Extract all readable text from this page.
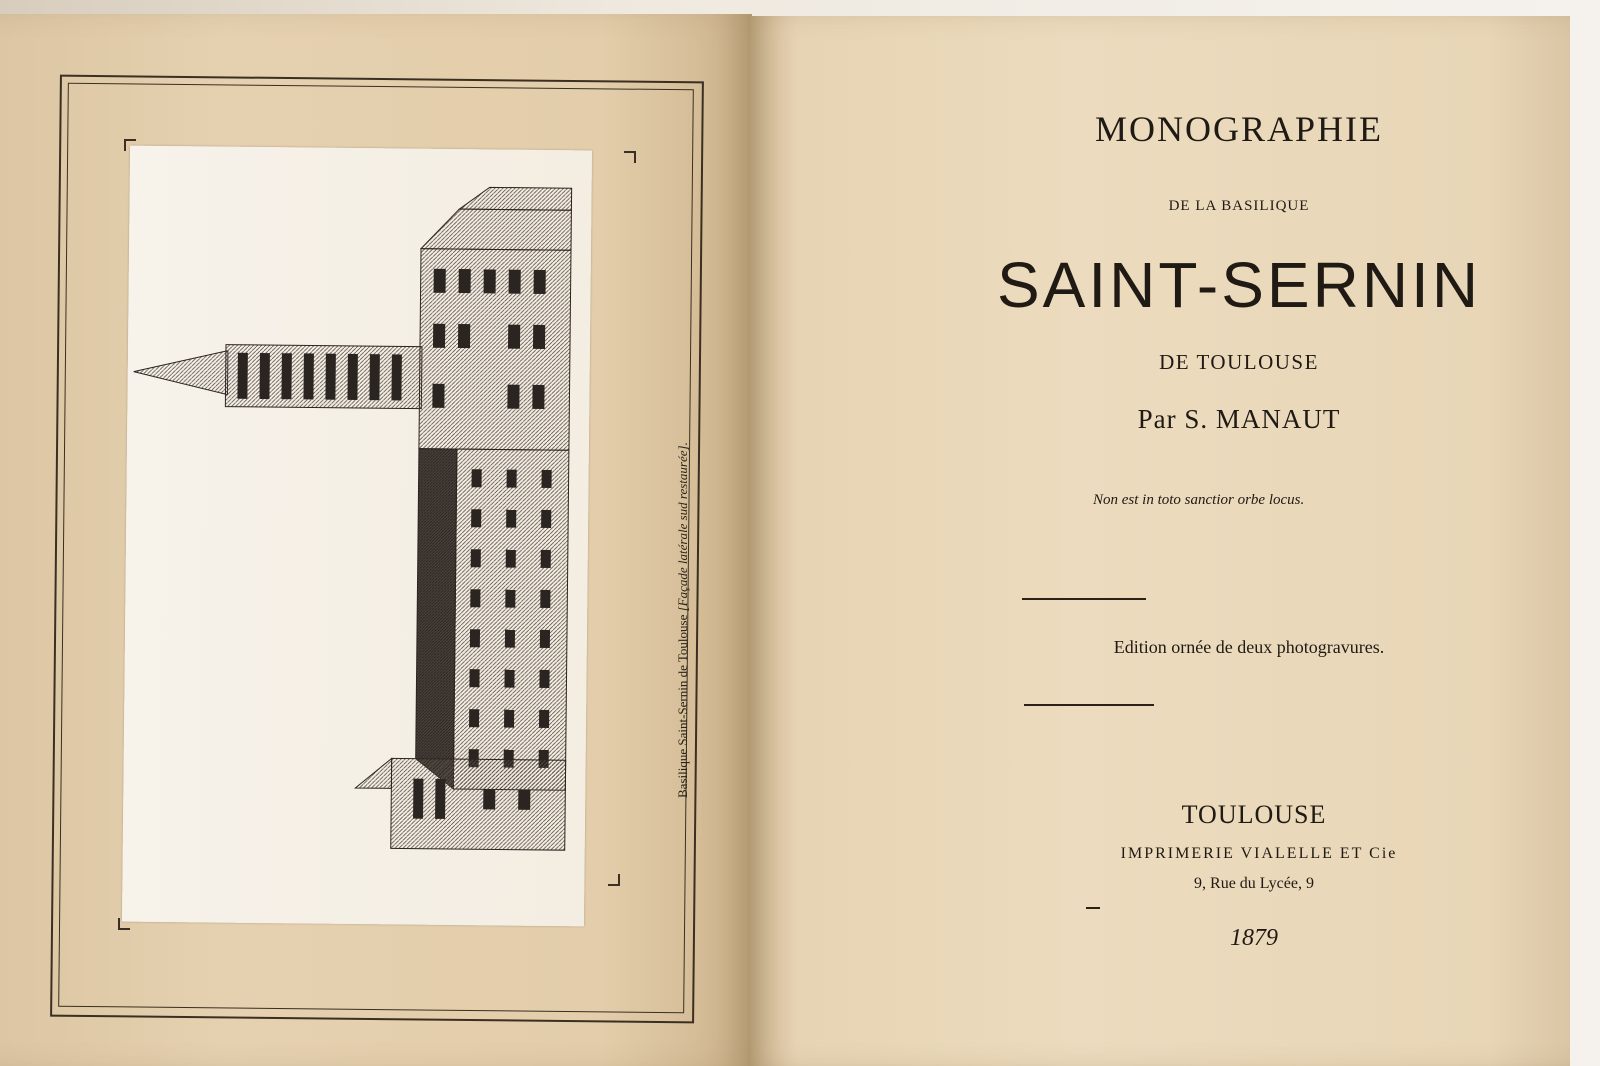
Basilique Saint-Sernin de Toulouse [Façade latérale sud restaurée].
MONOGRAPHIE
DE LA BASILIQUE
SAINT-SERNIN
DE TOULOUSE
Par S. MANAUT
Non est in toto sanctior orbe locus.
Edition ornée de deux photogravures.
TOULOUSE
IMPRIMERIE VIALELLE ET Cie
9, Rue du Lycée, 9
1879
